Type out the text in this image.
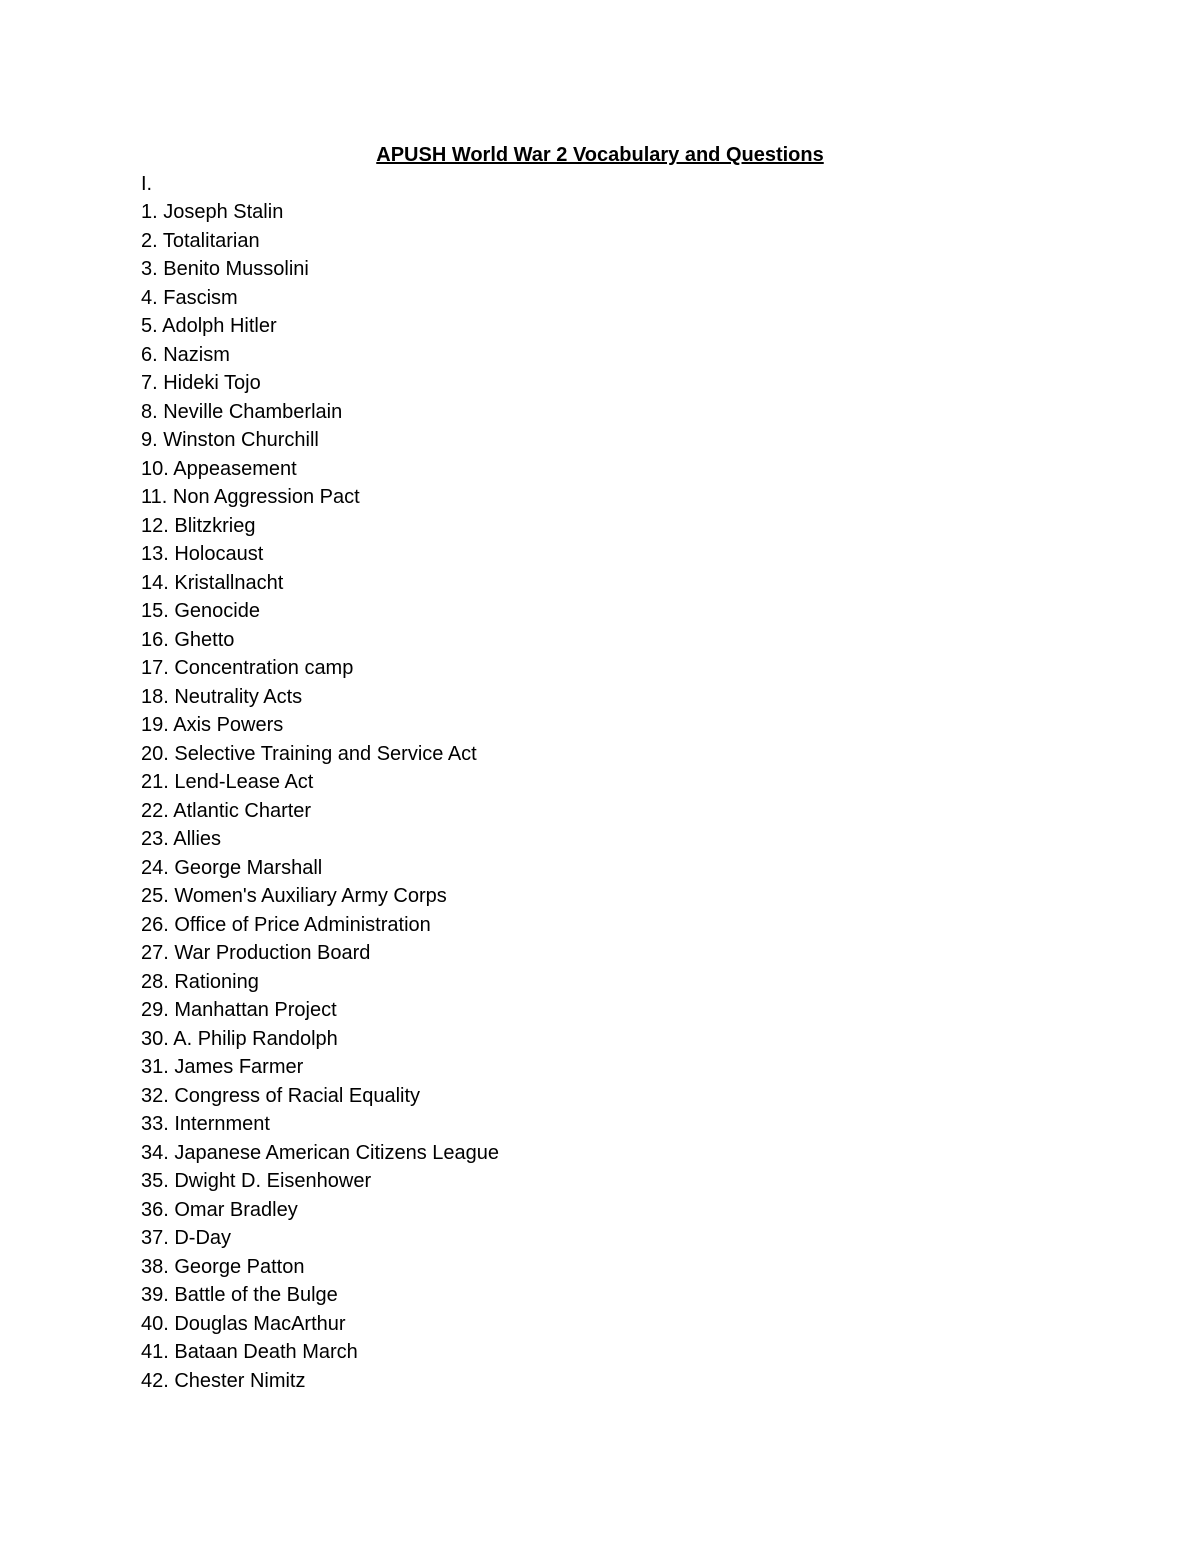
APUSH World War 2 Vocabulary and Questions
I.
1. Joseph Stalin
2. Totalitarian
3. Benito Mussolini
4. Fascism
5. Adolph Hitler
6. Nazism
7. Hideki Tojo
8. Neville Chamberlain
9. Winston Churchill
10. Appeasement
11. Non Aggression Pact
12. Blitzkrieg
13. Holocaust
14. Kristallnacht
15. Genocide
16. Ghetto
17. Concentration camp
18. Neutrality Acts
19. Axis Powers
20. Selective Training and Service Act
21. Lend-Lease Act
22. Atlantic Charter
23. Allies
24. George Marshall
25. Women's Auxiliary Army Corps
26. Office of Price Administration
27. War Production Board
28. Rationing
29. Manhattan Project
30. A. Philip Randolph
31. James Farmer
32. Congress of Racial Equality
33. Internment
34. Japanese American Citizens League
35. Dwight D. Eisenhower
36. Omar Bradley
37. D-Day
38. George Patton
39. Battle of the Bulge
40. Douglas MacArthur
41. Bataan Death March
42. Chester Nimitz
